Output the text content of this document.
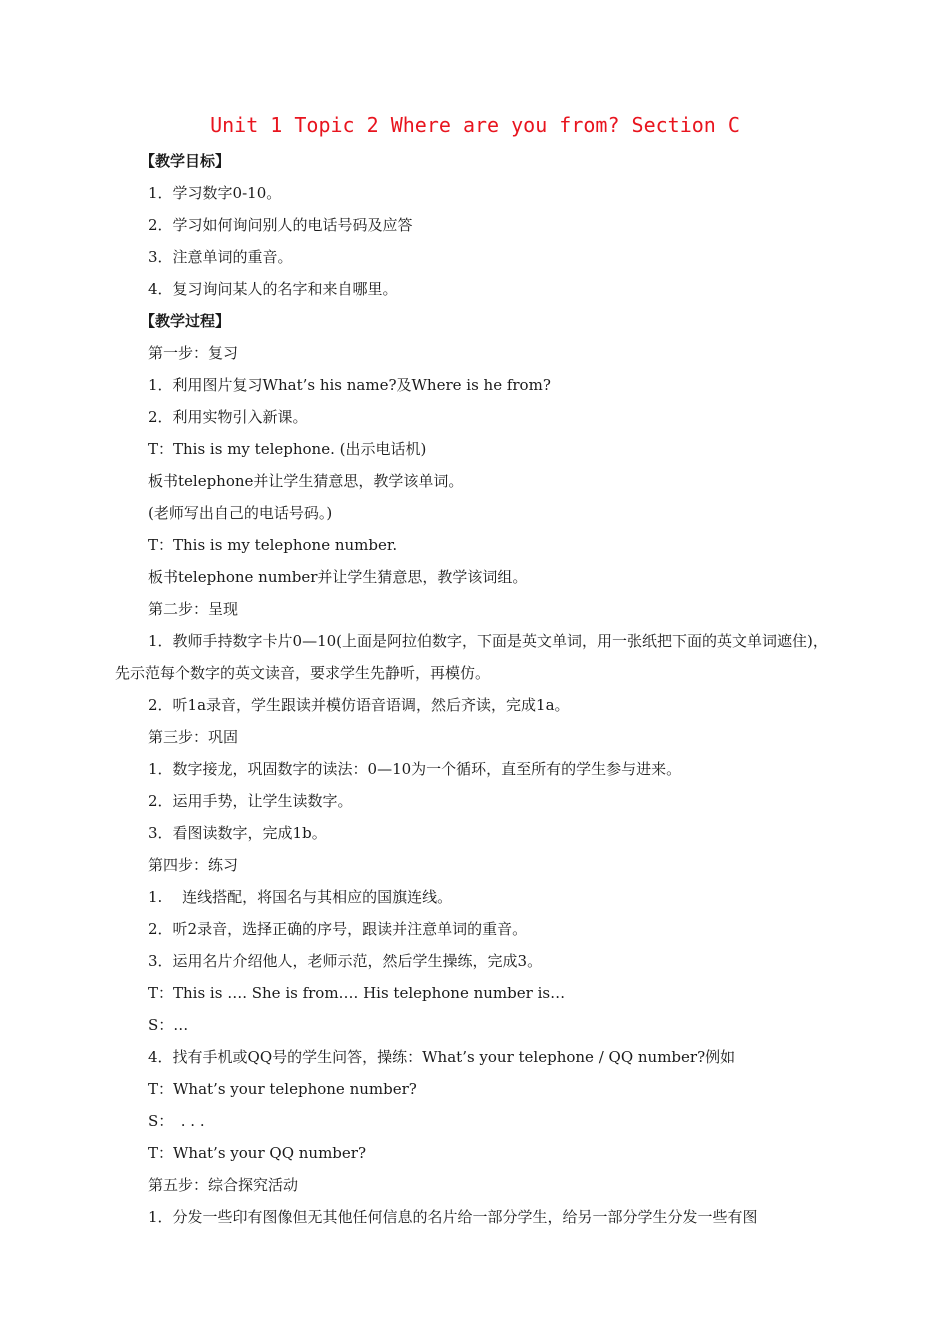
Unit 1 Topic 2 Where are you from? Section C
【教学目标】
1．学习数字0-10。
2．学习如何询问别人的电话号码及应答
3．注意单词的重音。
4．复习询问某人的名字和来自哪里。
【教学过程】
第一步：复习
1．利用图片复习What’s his name?及Where is he from?
2．利用实物引入新课。
T：This is my telephone. (出示电话机)
板书telephone并让学生猜意思，教学该单词。
(老师写出自己的电话号码。)
T：This is my telephone number.
板书telephone number并让学生猜意思，教学该词组。
第二步：呈现
1．教师手持数字卡片0—10(上面是阿拉伯数字，下面是英文单词，用一张纸把下面的英文单词遮住)，先示范每个数字的英文读音，要求学生先静听，再模仿。
2．听1a录音，学生跟读并模仿语音语调，然后齐读，完成1a。
第三步：巩固
1．数字接龙，巩固数字的读法：0—10为一个循环，直至所有的学生参与进来。
2．运用手势，让学生读数字。
3．看图读数字，完成1b。
第四步：练习
1.　 连线搭配，将国名与其相应的国旗连线。
2．听2录音，选择正确的序号，跟读并注意单词的重音。
3．运用名片介绍他人，老师示范，然后学生操练，完成3。
T：This is …. She is from…. His telephone number is…
S：…
4．找有手机或QQ号的学生问答，操练：What’s your telephone / QQ number?例如
T：What’s your telephone number?
S：　. . .
T：What’s your QQ number?
第五步：综合探究活动
1．分发一些印有图像但无其他任何信息的名片给一部分学生，给另一部分学生分发一些有图
